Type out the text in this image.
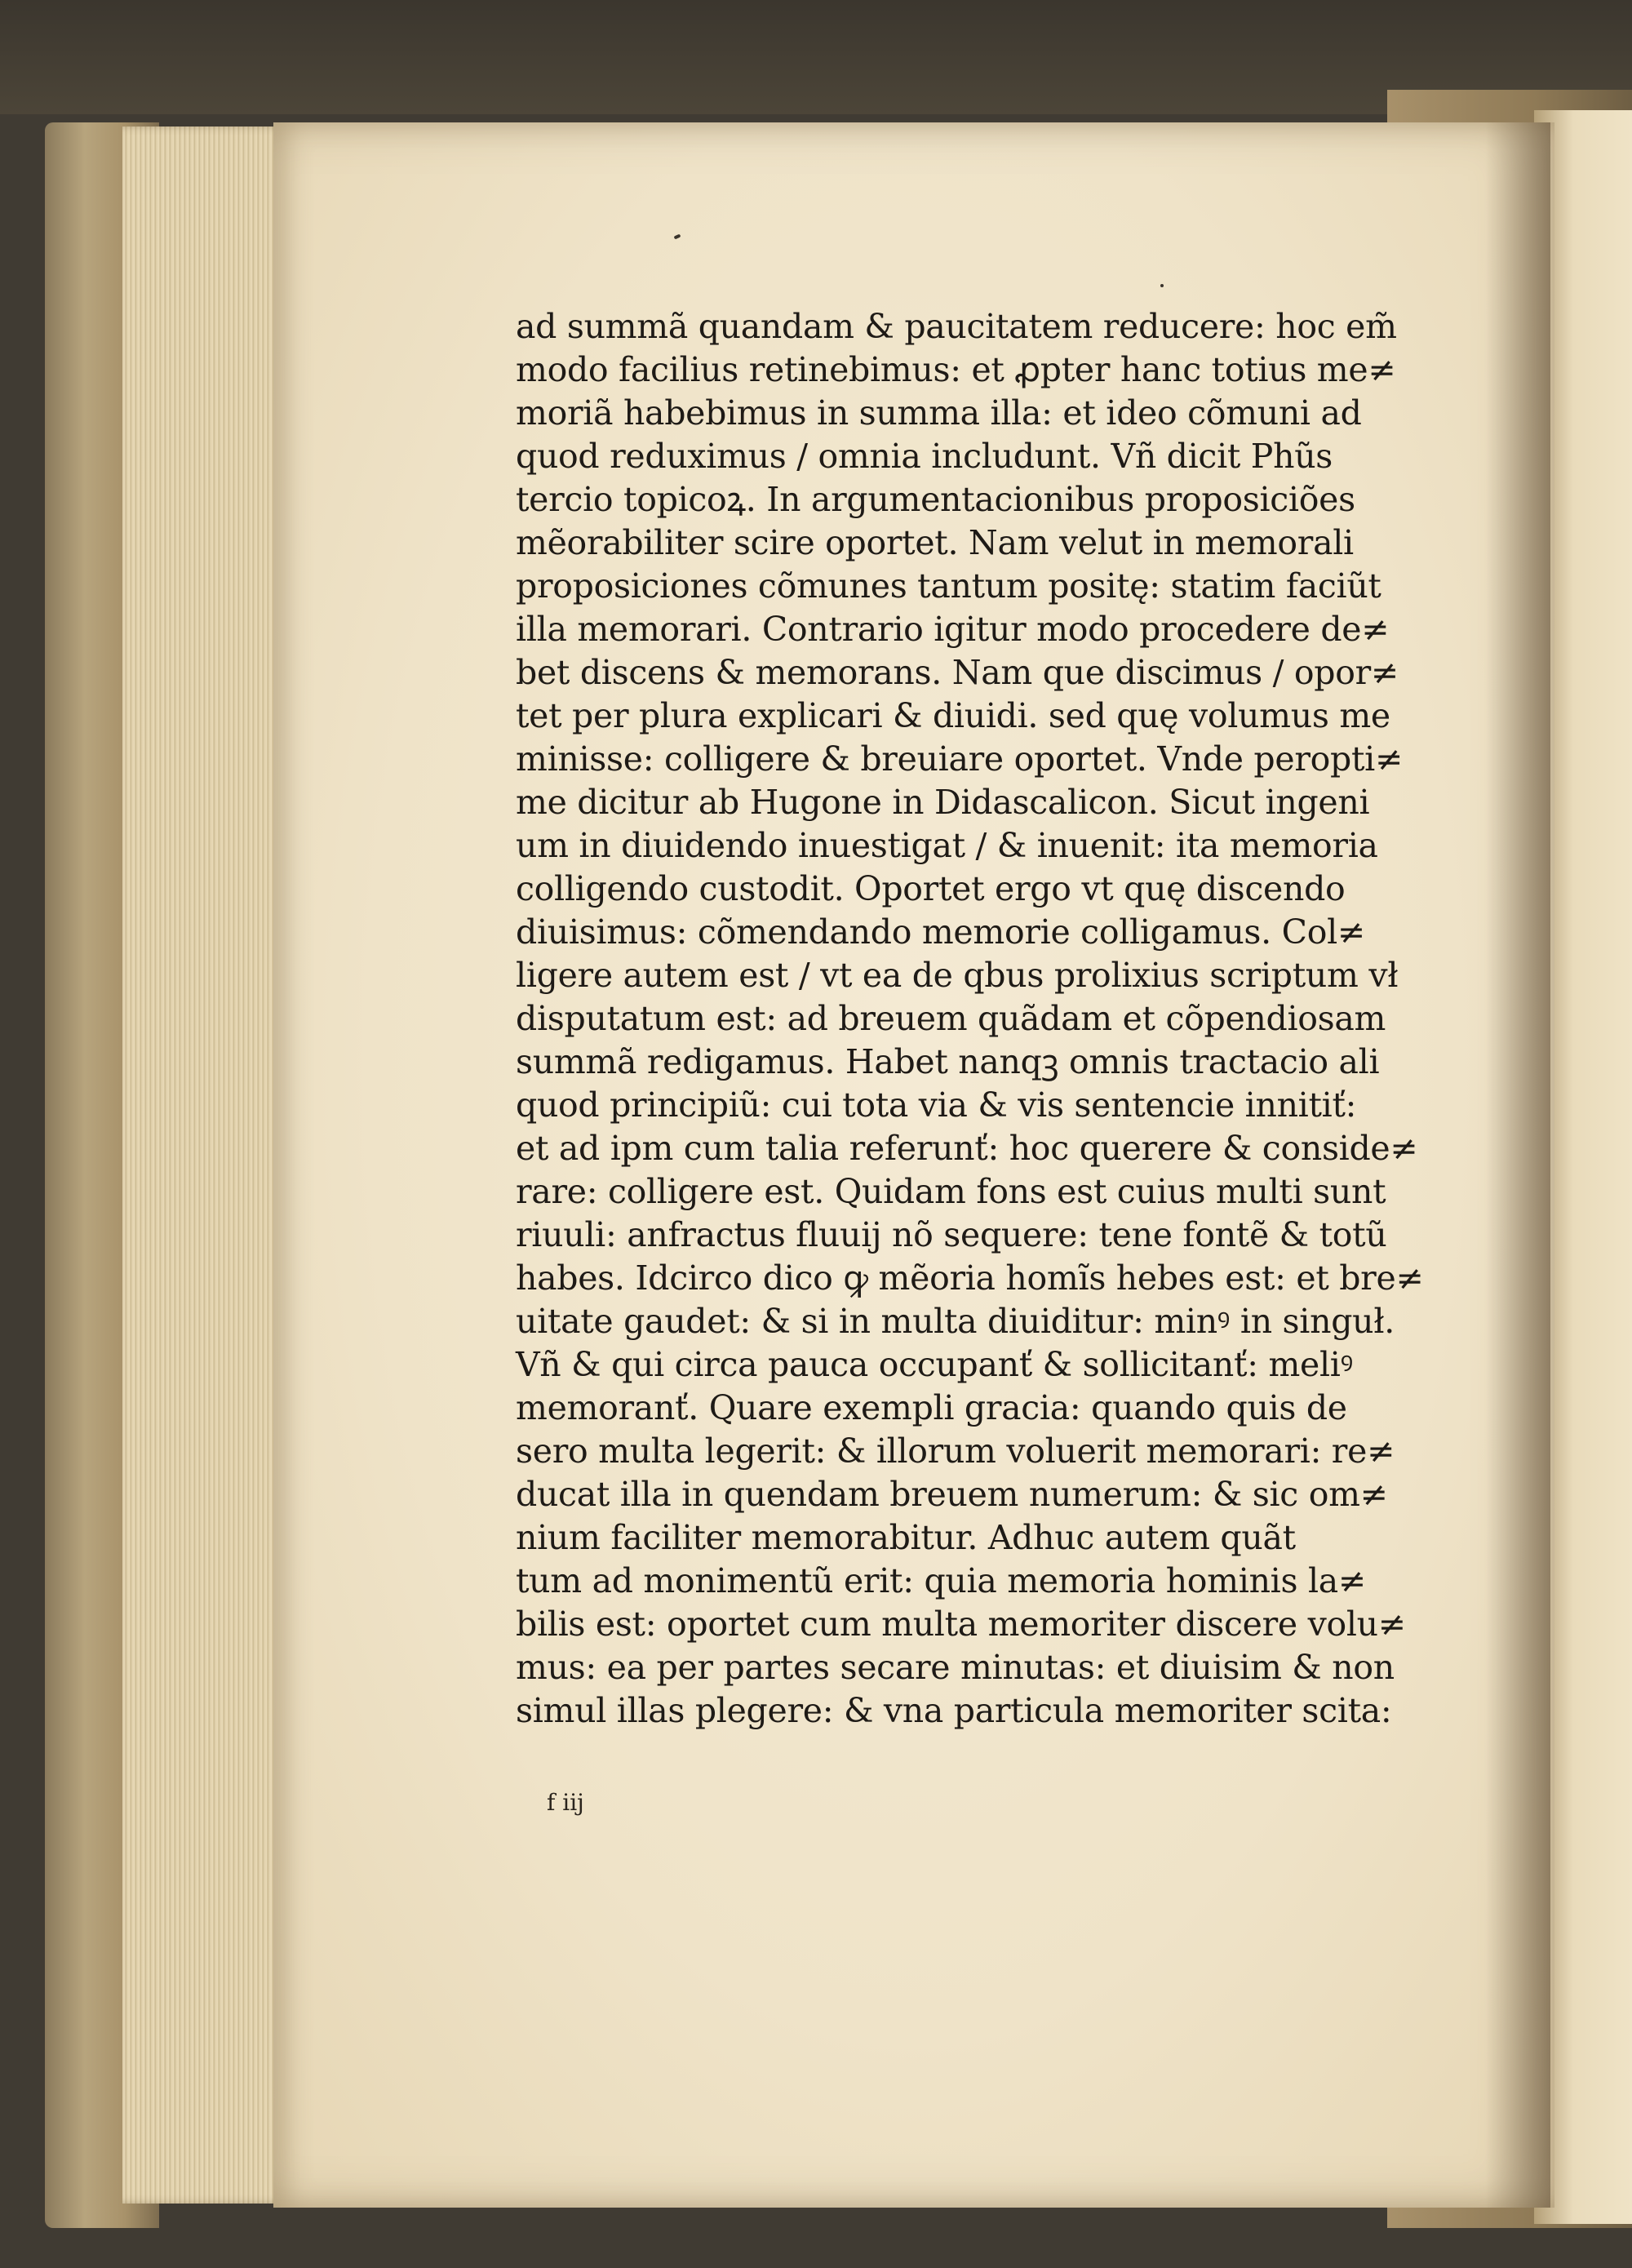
ad summã quandam & paucitatem reducere: hoc em̃
modo facilius retinebimus: et ꝓpter hanc totius me≠
moriã habebimus in summa illa: et ideo cõmuni ad
quod reduximus / omnia includunt. Vñ dicit Phũs
tercio topicoꝝ. In argumentacionibus proposiciões
mẽorabiliter scire oportet. Nam velut in memorali
proposiciones cõmunes tantum positę: statim faciũt
illa memorari. Contrario igitur modo procedere de≠
bet discens & memorans. Nam que discimus / opor≠
tet per plura explicari & diuidi. sed quę volumus me
minisse: colligere & breuiare oportet. Vnde peropti≠
me dicitur ab Hugone in Didascalicon. Sicut ingeni
um in diuidendo inuestigat / & inuenit: ita memoria
colligendo custodit. Oportet ergo vt quę discendo
diuisimus: cõmendando memorie colligamus. Col≠
ligere autem est / vt ea de qbus prolixius scriptum vł
disputatum est: ad breuem quãdam et cõpendiosam
summã redigamus. Habet nanqꝫ omnis tractacio ali
quod principiũ: cui tota via & vis sentencie innitiť:
et ad ipm cum talia referunť: hoc querere & conside≠
rare: colligere est. Quidam fons est cuius multi sunt
riuuli: anfractus fluuij nõ sequere: tene fontẽ & totũ
habes. Idcirco dico ꝙ mẽoria homĩs hebes est: et bre≠
uitate gaudet: & si in multa diuiditur: minꝰ in singuł.
Vñ & qui circa pauca occupanť & sollicitanť: meliꝰ
memoranť. Quare exempli gracia: quando quis de
sero multa legerit: & illorum voluerit memorari: re≠
ducat illa in quendam breuem numerum: & sic om≠
nium faciliter memorabitur. Adhuc autem quãt
tum ad monimentũ erit: quia memoria hominis la≠
bilis est: oportet cum multa memoriter discere volu≠
mus: ea per partes secare minutas: et diuisim & non
simul illas plegere: & vna particula memoriter scita:
f iij
